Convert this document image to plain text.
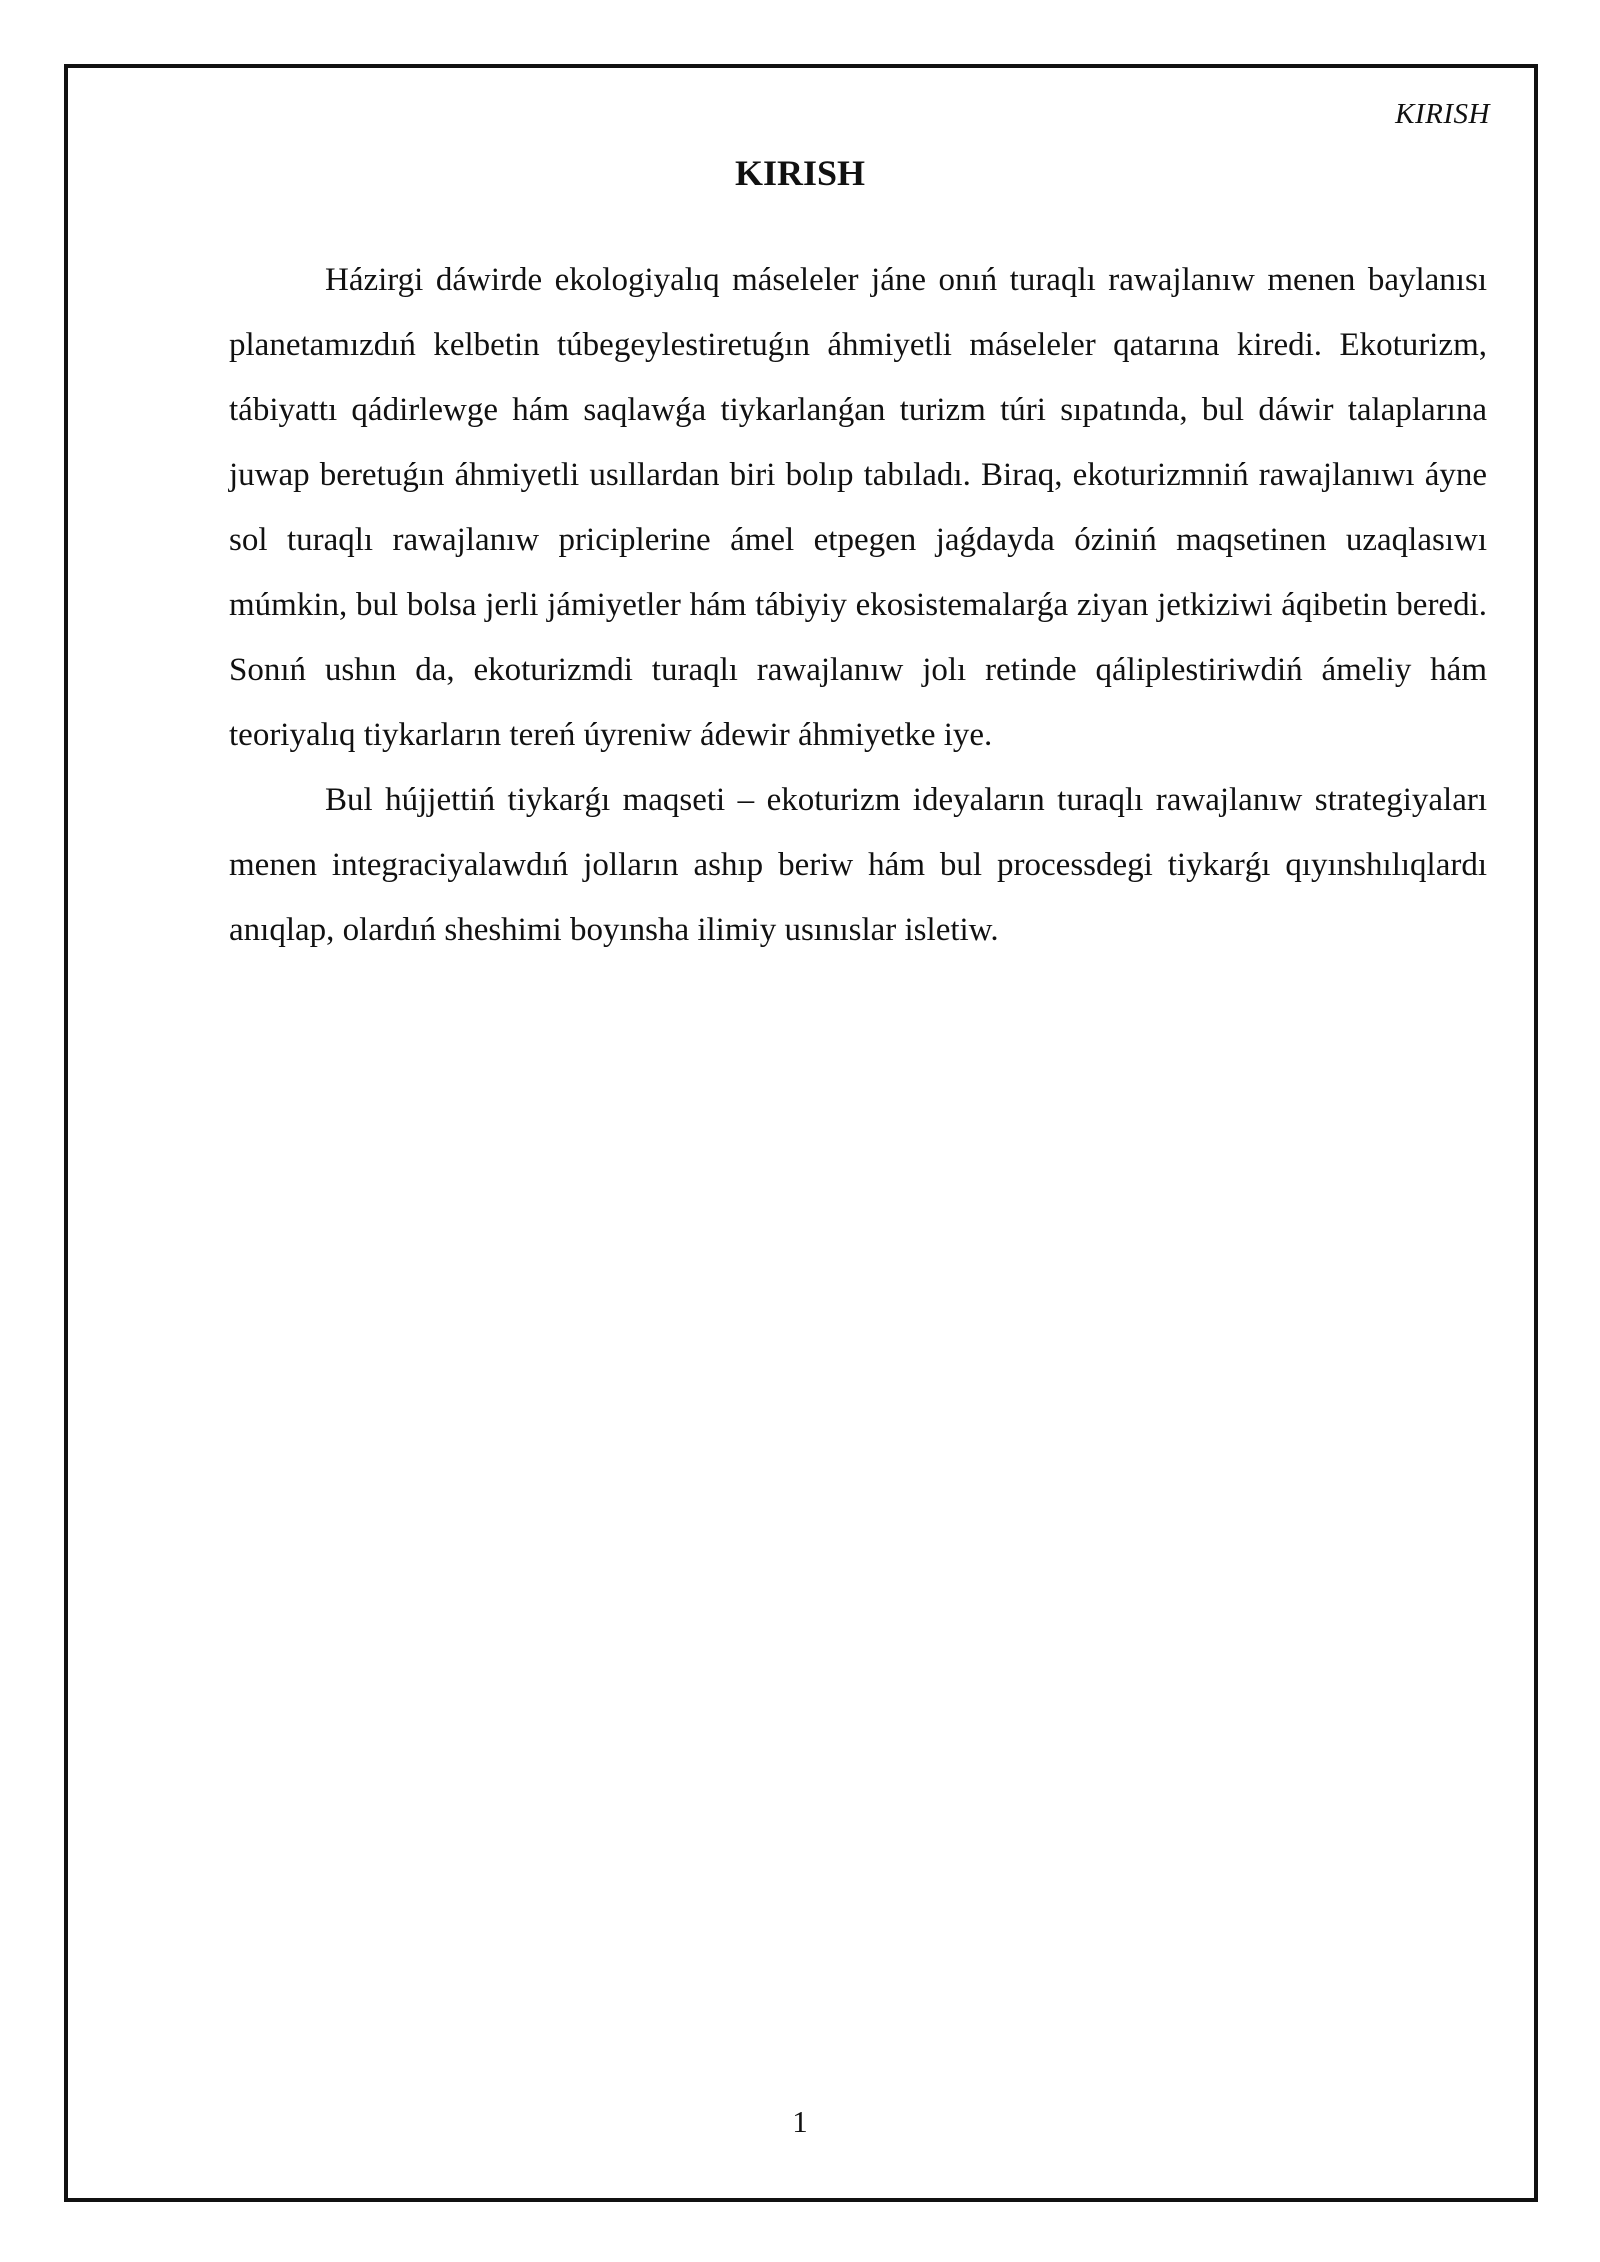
KIRISH
KIRISH

Házirgi dáwirde ekologiyalıq máseleler jáne onıń turaqlı rawajlanıw menen baylanısı planetamızdıń kelbetin túbegeylestiretuǵın áhmiyetli máseleler qatarına kiredi. Ekoturizm, tábiyattı qádirlewge hám saqlawǵa tiykarlanǵan turizm túri sıpatında, bul dáwir talaplarına juwap beretuǵın áhmiyetli usıllardan biri bolıp tabıladı. Biraq, ekoturizmniń rawajlanıwı áyne sol turaqlı rawajlanıw priciplerine ámel etpegen jaǵdayda óziniń maqsetinen uzaqlasıwı múmkin, bul bolsa jerli jámiyetler hám tábiyiy ekosistemalarǵa ziyan jetkiziwi áqibetin beredi. Sonıń ushın da, ekoturizmdi turaqlı rawajlanıw jolı retinde qáliplestiriwdiń ámeliy hám teoriyalıq tiykarların tereń úyreniw ádewir áhmiyetke iye.

Bul hújjettiń tiykarǵı maqseti – ekoturizm ideyaların turaqlı rawajlanıw strategiyaları menen integraciyalawdıń jolların ashıp beriw hám bul processdegi tiykarǵı qıyınshılıqlardı anıqlap, olardıń sheshimi boyınsha ilimiy usınıslar isletiw.

1
